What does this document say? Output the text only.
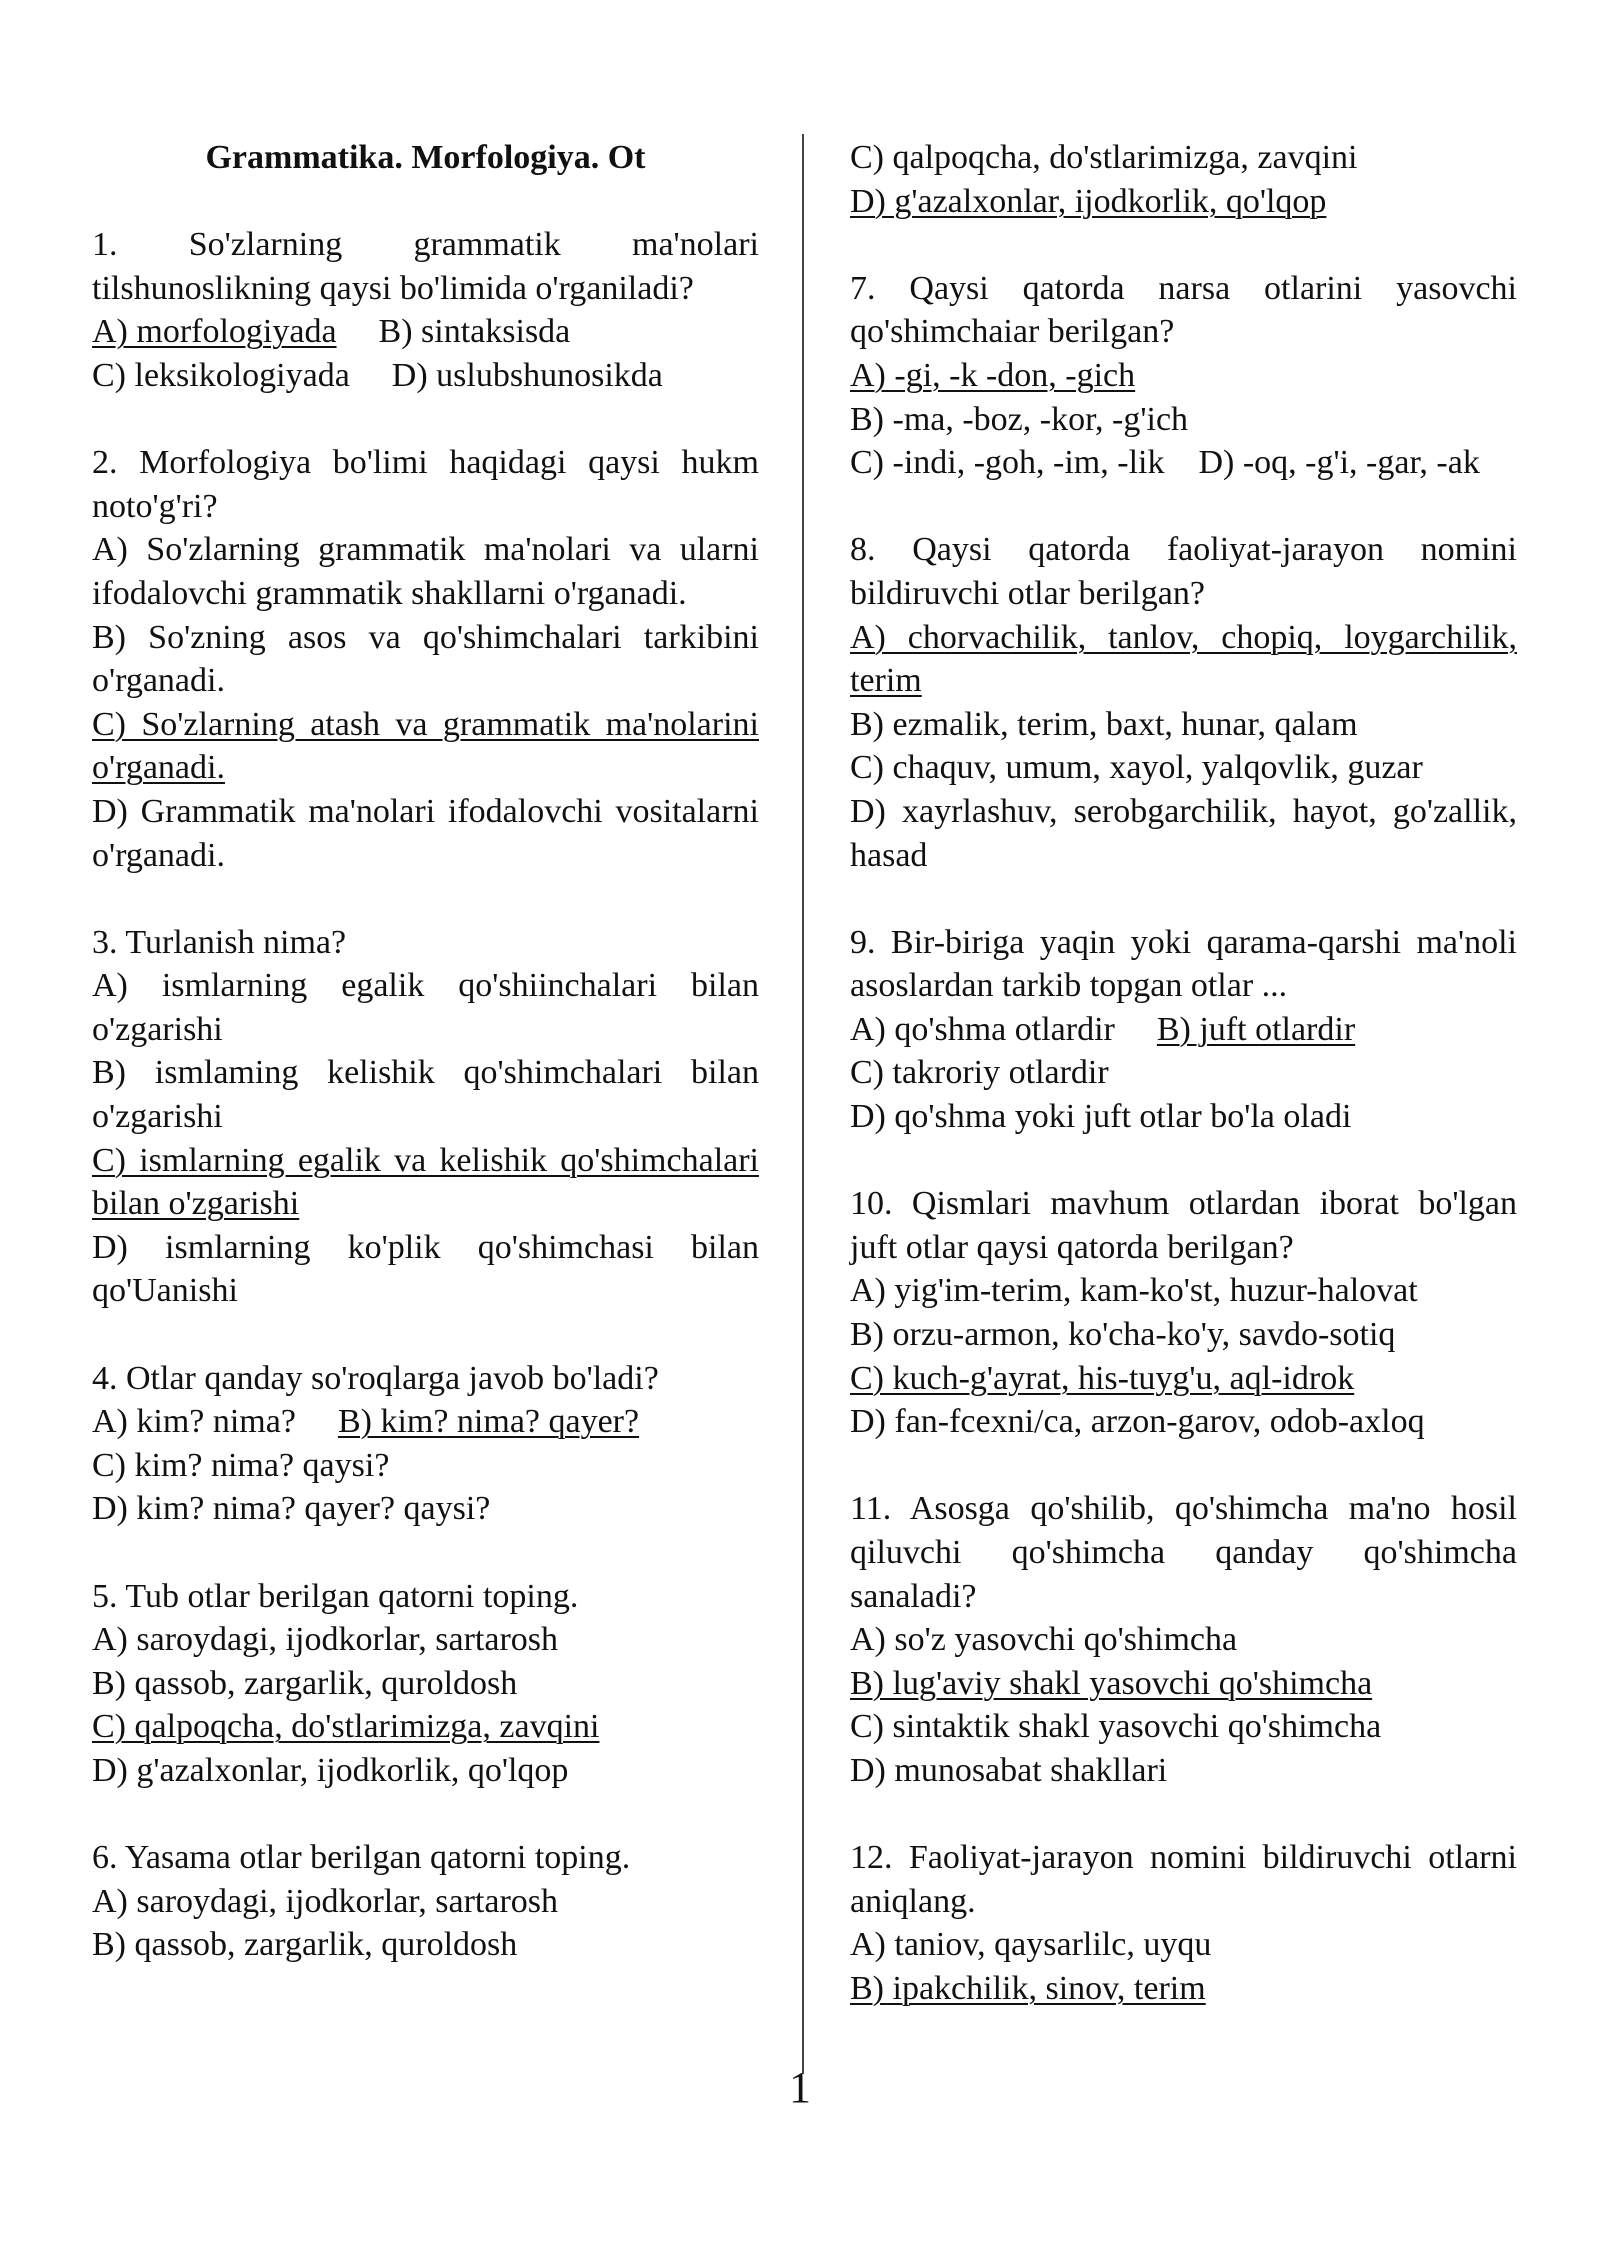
Grammatika. Morfologiya. Ot

1. So'zlarning grammatik ma'nolari tilshunoslikning qaysi bo'limida o'rganiladi?

A) morfologiyada B) sintaksisda

C) leksikologiyada D) uslubshunosikda

2. Morfologiya bo'limi haqidagi qaysi hukm noto'g'ri?

A) So'zlarning grammatik ma'nolari va ularni ifodalovchi grammatik shakllarni o'rganadi.

B) So'zning asos va qo'shimchalari tarkibini o'rganadi.

C) So'zlarning atash va grammatik ma'nolarini o'rganadi.

D) Grammatik ma'nolari ifodalovchi vositalarni o'rganadi.

3. Turlanish nima?

A) ismlarning egalik qo'shiinchalari bilan o'zgarishi

B) ismlaming kelishik qo'shimchalari bilan o'zgarishi

C) ismlarning egalik va kelishik qo'shimchalari bilan o'zgarishi

D) ismlarning ko'plik qo'shimchasi bilan qo'Uanishi

4. Otlar qanday so'roqlarga javob bo'ladi?

A) kim? nima? B) kim? nima? qayer?

C) kim? nima? qaysi?

D) kim? nima? qayer? qaysi?

5. Tub otlar berilgan qatorni toping.

A) saroydagi, ijodkorlar, sartarosh

B) qassob, zargarlik, quroldosh

C) qalpoqcha, do'stlarimizga, zavqini

D) g'azalxonlar, ijodkorlik, qo'lqop

6. Yasama otlar berilgan qatorni toping.

A) saroydagi, ijodkorlar, sartarosh

B) qassob, zargarlik, quroldosh

C) qalpoqcha, do'stlarimizga, zavqini

D) g'azalxonlar, ijodkorlik, qo'lqop

7. Qaysi qatorda narsa otlarini yasovchi qo'shimchaiar berilgan?

A) -gi, -k -don, -gich

B) -ma, -boz, -kor, -g'ich

C) -indi, -goh, -im, -lik D) -oq, -g'i, -gar, -ak

8. Qaysi qatorda faoliyat-jarayon nomini bildiruvchi otlar berilgan?

A) chorvachilik, tanlov, chopiq, loygarchilik, terim

B) ezmalik, terim, baxt, hunar, qalam

C) chaquv, umum, xayol, yalqovlik, guzar

D) xayrlashuv, serobgarchilik, hayot, go'zallik, hasad

9. Bir-biriga yaqin yoki qarama-qarshi ma'noli asoslardan tarkib topgan otlar ...

A) qo'shma otlardir B) juft otlardir

C) takroriy otlardir

D) qo'shma yoki juft otlar bo'la oladi

10. Qismlari mavhum otlardan iborat bo'lgan juft otlar qaysi qatorda berilgan?

A) yig'im-terim, kam-ko'st, huzur-halovat

B) orzu-armon, ko'cha-ko'y, savdo-sotiq

C) kuch-g'ayrat, his-tuyg'u, aql-idrok

D) fan-fcexni/ca, arzon-garov, odob-axloq

11. Asosga qo'shilib, qo'shimcha ma'no hosil qiluvchi qo'shimcha qanday qo'shimcha sanaladi?

A) so'z yasovchi qo'shimcha

B) lug'aviy shakl yasovchi qo'shimcha

C) sintaktik shakl yasovchi qo'shimcha

D) munosabat shakllari

12. Faoliyat-jarayon nomini bildiruvchi otlarni aniqlang.

A) taniov, qaysarlilc, uyqu

B) ipakchilik, sinov, terim

1
